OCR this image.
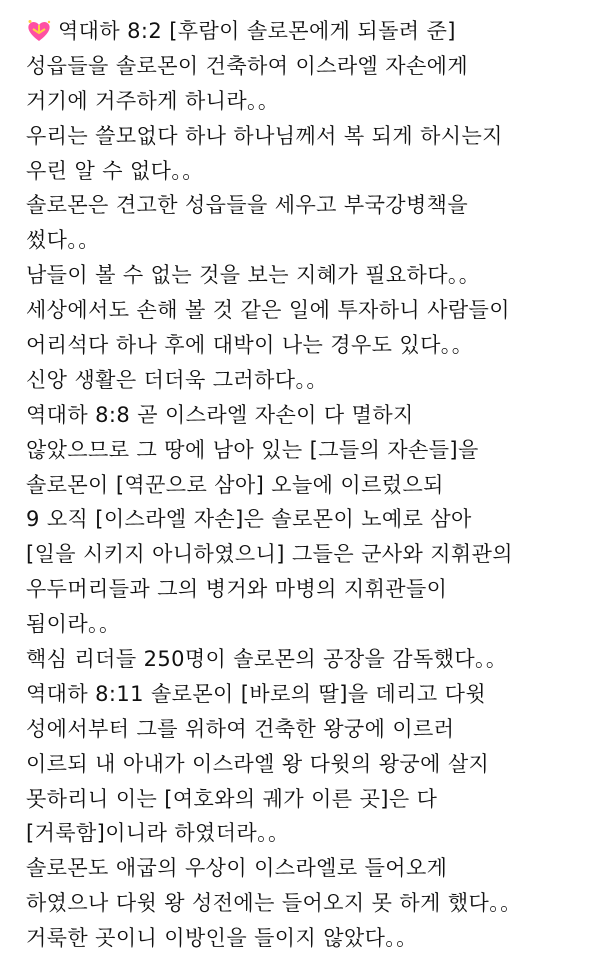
역대하 8:2 [후람이 솔로몬에게 되돌려 준]
성읍들을 솔로몬이 건축하여 이스라엘 자손에게
거기에 거주하게 하니라。。
우리는 쓸모없다 하나 하나님께서 복 되게 하시는지
우린 알 수 없다。。
솔로몬은 견고한 성읍들을 세우고 부국강병책을
썼다。。
남들이 볼 수 없는 것을 보는 지혜가 필요하다。。
세상에서도 손해 볼 것 같은 일에 투자하니 사람들이
어리석다 하나 후에 대박이 나는 경우도 있다。。
신앙 생활은 더더욱 그러하다。。
역대하 8:8 곧 이스라엘 자손이 다 멸하지
않았으므로 그 땅에 남아 있는 [그들의 자손들]을
솔로몬이 [역꾼으로 삼아] 오늘에 이르렀으되
9 오직 [이스라엘 자손]은 솔로몬이 노예로 삼아
[일을 시키지 아니하였으니] 그들은 군사와 지휘관의
우두머리들과 그의 병거와 마병의 지휘관들이
됨이라。。
핵심 리더들 250명이 솔로몬의 공장을 감독했다。。
역대하 8:11 솔로몬이 [바로의 딸]을 데리고 다윗
성에서부터 그를 위하여 건축한 왕궁에 이르러
이르되 내 아내가 이스라엘 왕 다윗의 왕궁에 살지
못하리니 이는 [여호와의 궤가 이른 곳]은 다
[거룩함]이니라 하였더라。。
솔로몬도 애굽의 우상이 이스라엘로 들어오게
하였으나 다윗 왕 성전에는 들어오지 못 하게 했다。。
거룩한 곳이니 이방인을 들이지 않았다。。
